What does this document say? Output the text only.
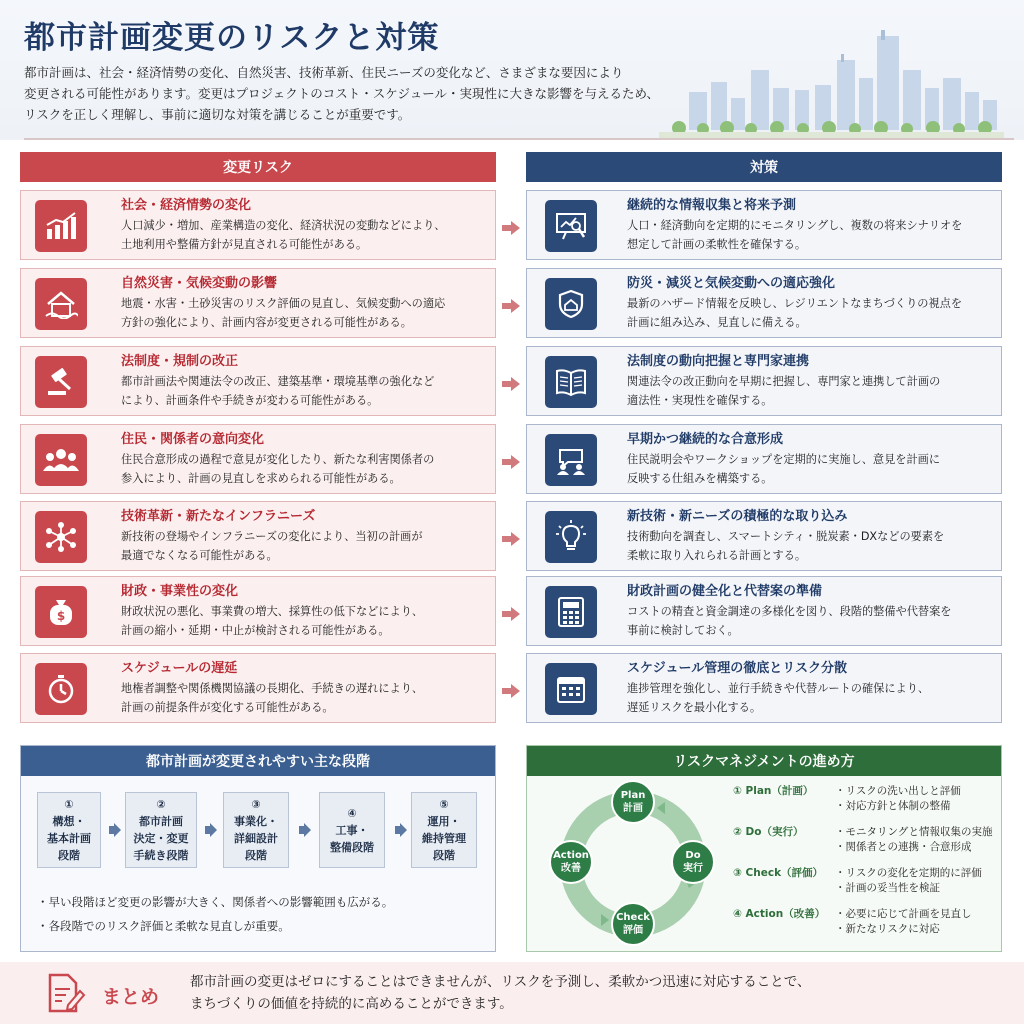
都市計画変更のリスクと対策
都市計画は、社会・経済情勢の変化、自然災害、技術革新、住民ニーズの変化など、さまざまな要因により
変更される可能性があります。変更はプロジェクトのコスト・スケジュール・実現性に大きな影響を与えるため、
リスクを正しく理解し、事前に適切な対策を講じることが重要です。
変更リスク	対策
社会・経済情勢の変化
人口減少・増加、産業構造の変化、経済状況の変動などにより、
土地利用や整備方針が見直される可能性がある。
自然災害・気候変動の影響
地震・水害・土砂災害のリスク評価の見直し、気候変動への適応
方針の強化により、計画内容が変更される可能性がある。
法制度・規制の改正
都市計画法や関連法令の改正、建築基準・環境基準の強化など
により、計画条件や手続きが変わる可能性がある。
住民・関係者の意向変化
住民合意形成の過程で意見が変化したり、新たな利害関係者の
参入により、計画の見直しを求められる可能性がある。
技術革新・新たなインフラニーズ
新技術の登場やインフラニーズの変化により、当初の計画が
最適でなくなる可能性がある。
$
財政・事業性の変化
財政状況の悪化、事業費の増大、採算性の低下などにより、
計画の縮小・延期・中止が検討される可能性がある。
スケジュールの遅延
地権者調整や関係機関協議の長期化、手続きの遅れにより、
計画の前提条件が変化する可能性がある。
継続的な情報収集と将来予測
人口・経済動向を定期的にモニタリングし、複数の将来シナリオを
想定して計画の柔軟性を確保する。
防災・減災と気候変動への適応強化
最新のハザード情報を反映し、レジリエントなまちづくりの視点を
計画に組み込み、見直しに備える。
法制度の動向把握と専門家連携
関連法令の改正動向を早期に把握し、専門家と連携して計画の
適法性・実現性を確保する。
早期かつ継続的な合意形成
住民説明会やワークショップを定期的に実施し、意見を計画に
反映する仕組みを構築する。
新技術・新ニーズの積極的な取り込み
技術動向を調査し、スマートシティ・脱炭素・DXなどの要素を
柔軟に取り入れられる計画とする。
財政計画の健全化と代替案の準備
コストの精査と資金調達の多様化を図り、段階的整備や代替案を
事前に検討しておく。
スケジュール管理の徹底とリスク分散
進捗管理を強化し、並行手続きや代替ルートの確保により、
遅延リスクを最小化する。
都市計画が変更されやすい主な段階
①
構想・
基本計画
段階
②
都市計画
決定・変更
手続き段階
③
事業化・
詳細設計
段階
④
工事・
整備段階
⑤
運用・
維持管理
段階
・早い段階ほど変更の影響が大きく、関係者への影響範囲も広がる。
・各段階でのリスク評価と柔軟な見直しが重要。
リスクマネジメントの進め方
Plan
計画
Do
実行
Check
評価
Action
改善
① Plan（計画） ・リスクの洗い出しと評価
・対応方針と体制の整備
② Do（実行）	・モニタリングと情報収集の実施
・関係者との連携・合意形成
③ Check（評価） ・リスクの変化を定期的に評価
・計画の妥当性を検証
④ Action（改善） ・必要に応じて計画を見直し
・新たなリスクに対応
まとめ
都市計画の変更はゼロにすることはできませんが、リスクを予測し、柔軟かつ迅速に対応することで、
まちづくりの価値を持続的に高めることができます。
